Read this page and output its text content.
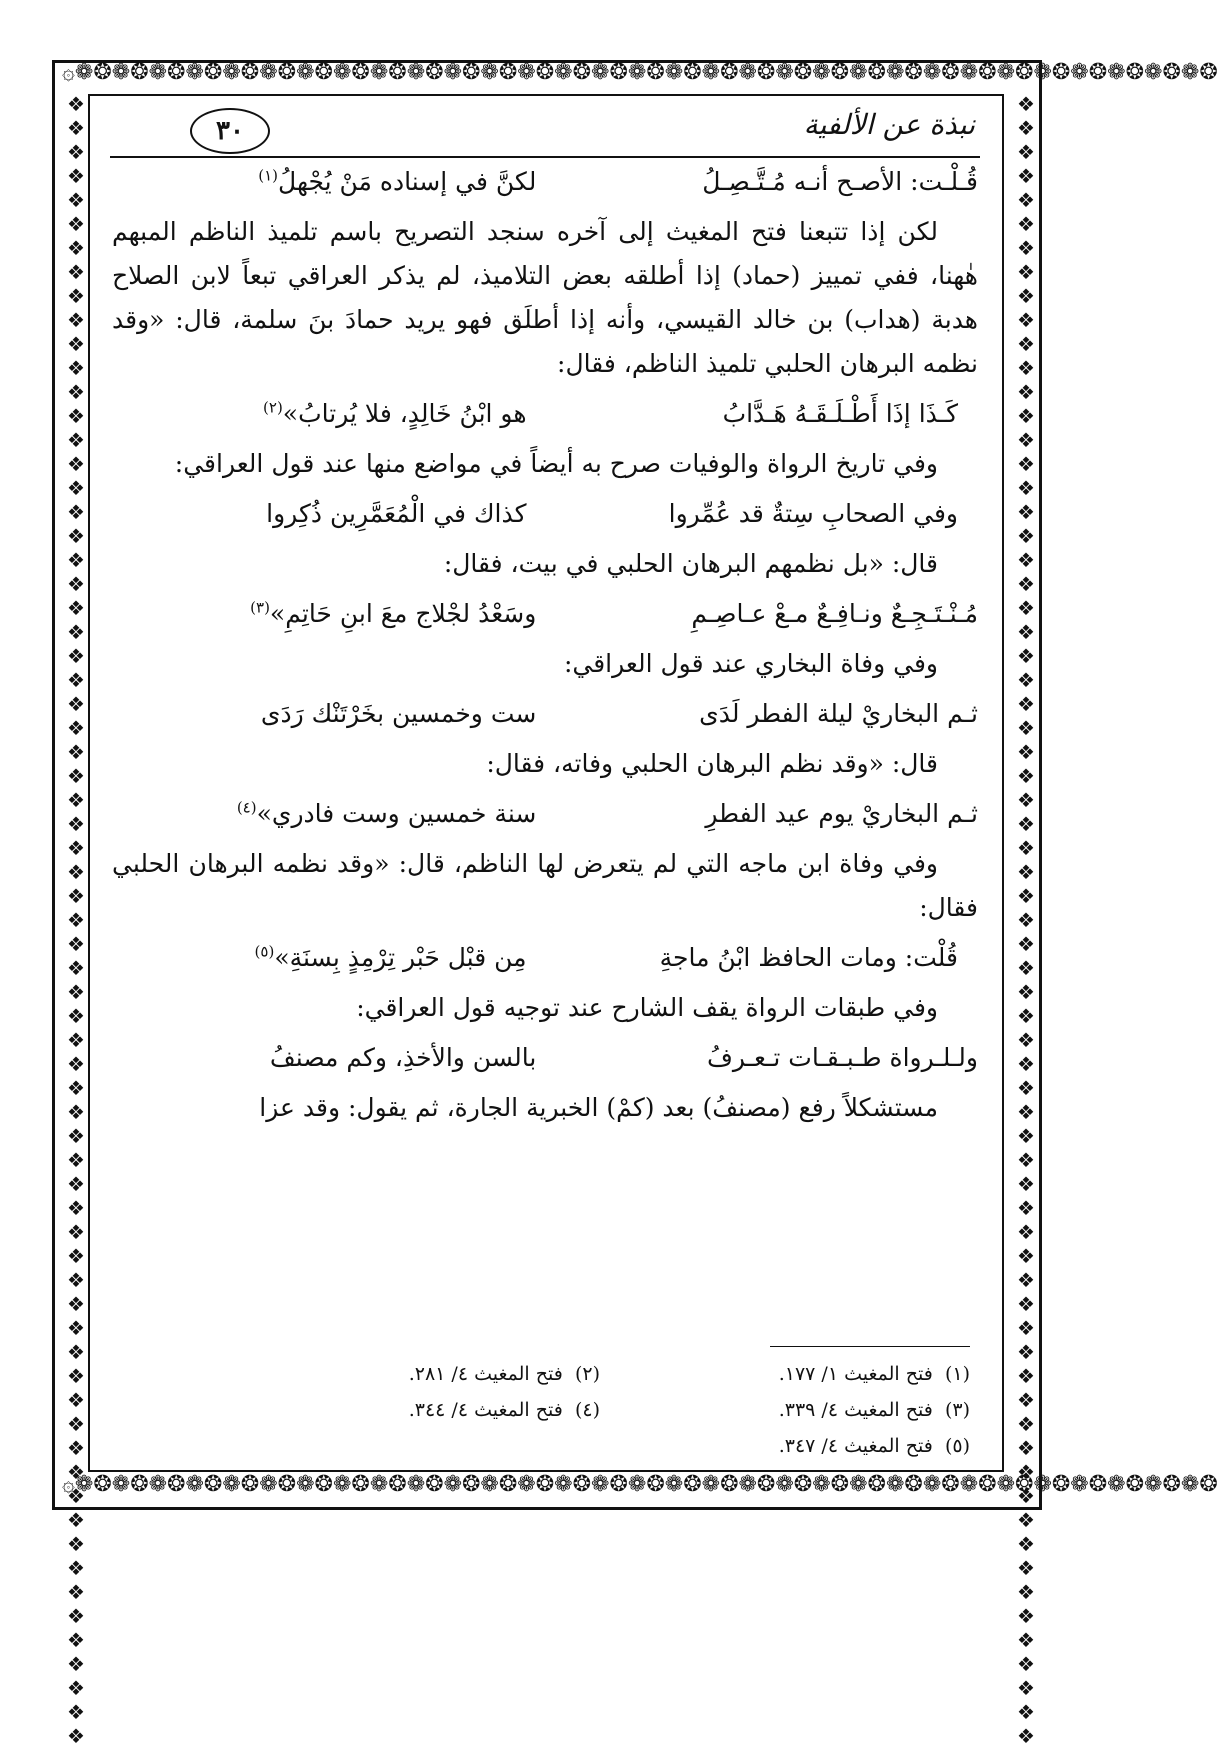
۞❁❂❁❂❁❂❁❂❁❂❁❂❁❂❁❂❁❂❁❂❁❂❁❂❁❂❁❂❁❂❁❂❁❂❁❂❁❂❁❂❁❂❁❂❁❂❁❂❁❂❁❂❁❂❁❂❁❂❁❂❁❂
۞❁❂❁❂❁❂❁❂❁❂❁❂❁❂❁❂❁❂❁❂❁❂❁❂❁❂❁❂❁❂❁❂❁❂❁❂❁❂❁❂❁❂❁❂❁❂❁❂❁❂❁❂❁❂❁❂❁❂❁❂❁❂
❖❖❖❖❖❖❖❖❖❖❖❖❖❖❖❖❖❖❖❖❖❖❖❖❖❖❖❖❖❖❖❖❖❖❖❖❖❖❖❖❖❖❖❖❖❖❖❖❖❖❖❖❖❖❖❖❖❖❖❖❖❖❖❖❖❖❖❖❖	❖❖❖❖❖❖❖❖❖❖❖❖❖❖❖❖❖❖❖❖❖❖❖❖❖❖❖❖❖❖❖❖❖❖❖❖❖❖❖❖❖❖❖❖❖❖❖❖❖❖❖❖❖❖❖❖❖❖❖❖❖❖❖❖❖❖❖❖❖
٣٠	نبذة عن الألفية
قُـلْـت: الأصـح أنـه مُـتَّـصِـلُ
لكنَّ في إسناده مَنْ يُجْهلُ$^{(١)}$

لكن إذا تتبعنا فتح المغيث إلى آخره سنجد التصريح باسم تلميذ الناظم المبهم هٰهنا، ففي تمييز (حماد) إذا أطلقه بعض التلاميذ، لم يذكر العراقي تبعاً لابن الصلاح هدبة (هداب) بن خالد القيسي، وأنه إذا أطلَق فهو يريد حمادَ بنَ سلمة، قال: «وقد نظمه البرهان الحلبي تلميذ الناظم، فقال:

كَـذَا إذَا أَطْـلَـقَـهُ هَـدَّابُ
هو ابْنُ خَالِدٍ، فلا يُرتابُ»$^{(٢)}$

وفي تاريخ الرواة والوفيات صرح به أيضاً في مواضع منها عند قول العراقي:

وفي الصحابِ سِتةٌ قد عُمِّروا
كذاك في الْمُعَمَّرِين ذُكِروا

قال: «بل نظمهم البرهان الحلبي في بيت، فقال:

مُـنْـتَـجِـعٌ ونـافِـعٌ مـعْ عـاصِـمِ
وسَعْدُ لجْلاج معَ ابنِ حَاتِمِ»$^{(٣)}$

وفي وفاة البخاري عند قول العراقي:

ثـم البخاريْ ليلة الفطر لَدَى
ست وخمسين بخَرْتَنْك رَدَى

قال: «وقد نظم البرهان الحلبي وفاته، فقال:

ثـم البخاريْ يوم عيد الفطرِ
سنة خمسين وست فادري»$^{(٤)}$

وفي وفاة ابن ماجه التي لم يتعرض لها الناظم، قال: «وقد نظمه البرهان الحلبي فقال:

قُلْت: ومات الحافظ ابْنُ ماجةِ
مِن قبْل حَبْر تِرْمِذٍ بِسنَةِ»$^{(٥)}$

وفي طبقات الرواة يقف الشارح عند توجيه قول العراقي:

ولـلـرواة طـبـقـات تـعـرفُ
بالسن والأخذِ، وكم مصنفُ

مستشكلاً رفع (مصنفُ) بعد (كمْ) الخبرية الجارة، ثم يقول: وقد عزا

(١)  فتح المغيث ١/ ١٧٧.
(٢)  فتح المغيث ٤/ ٢٨١.
(٣)  فتح المغيث ٤/ ٣٣٩.
(٤)  فتح المغيث ٤/ ٣٤٤.
(٥)  فتح المغيث ٤/ ٣٤٧.
